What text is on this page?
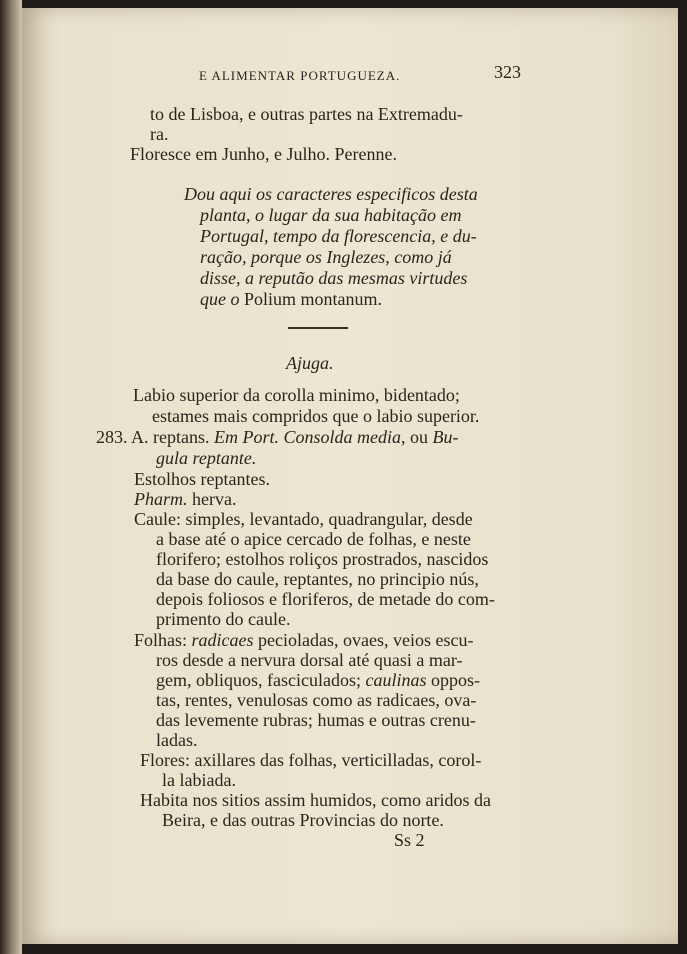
E ALIMENTAR PORTUGUEZA.	323
to de Lisboa, e outras partes na Extremadu-
ra.
Floresce em Junho, e Julho. Perenne.
Dou aqui os caracteres especificos desta
planta, o lugar da sua habitação em
Portugal, tempo da florescencia, e du-
ração, porque os Inglezes, como já
disse, a reputão das mesmas virtudes
que o Polium montanum.
Ajuga.
Labio superior da corolla minimo, bidentado;
estames mais compridos que o labio superior.
283. A. reptans. Em Port. Consolda media, ou Bu-
gula reptante.
Estolhos reptantes.
Pharm. herva.
Caule: simples, levantado, quadrangular, desde
a base até o apice cercado de folhas, e neste
florifero; estolhos roliços prostrados, nascidos
da base do caule, reptantes, no principio nús,
depois foliosos e floriferos, de metade do com-
primento do caule.
Folhas: radicaes pecioladas, ovaes, veios escu-
ros desde a nervura dorsal até quasi a mar-
gem, obliquos, fasciculados; caulinas oppos-
tas, rentes, venulosas como as radicaes, ova-
das levemente rubras; humas e outras crenu-
ladas.
Flores: axillares das folhas, verticilladas, corol-
la labiada.
Habita nos sitios assim humidos, como aridos da
Beira, e das outras Provincias do norte.
Ss 2
